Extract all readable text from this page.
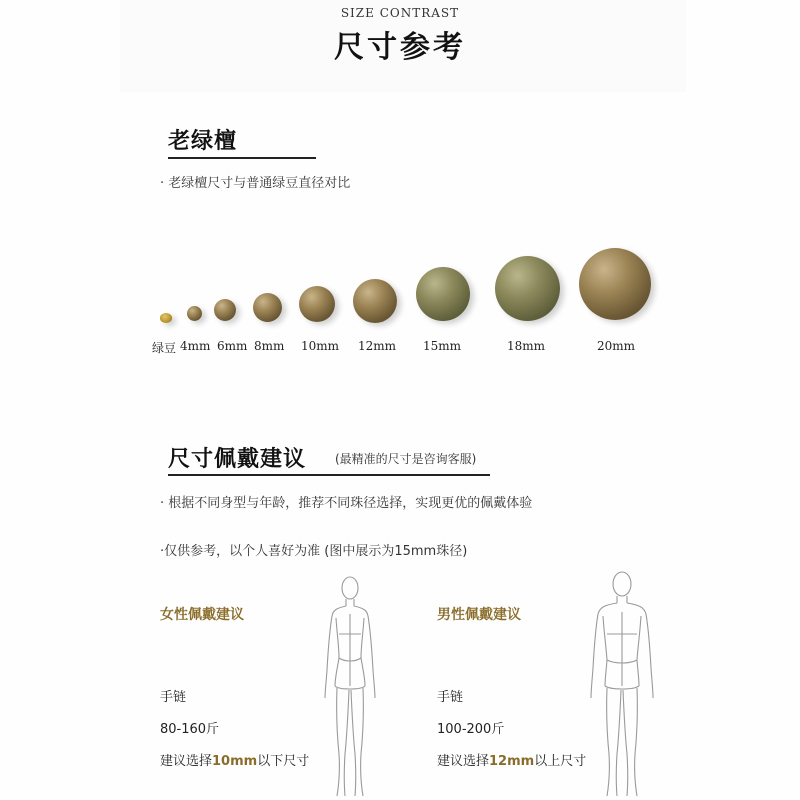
SIZE CONTRAST
尺寸参考
老绿檀
· 老绿檀尺寸与普通绿豆直径对比
绿豆 4mm 6mm 8mm 10mm 12mm 15mm	18mm	20mm
尺寸佩戴建议 (最精准的尺寸是咨询客服)
· 根据不同身型与年龄，推荐不同珠径选择，实现更优的佩戴体验
·仅供参考，以个人喜好为准 (图中展示为15mm珠径)
女性佩戴建议
手链
80-160斤
建议选择10mm以下尺寸
男性佩戴建议
手链
100-200斤
建议选择12mm以上尺寸
